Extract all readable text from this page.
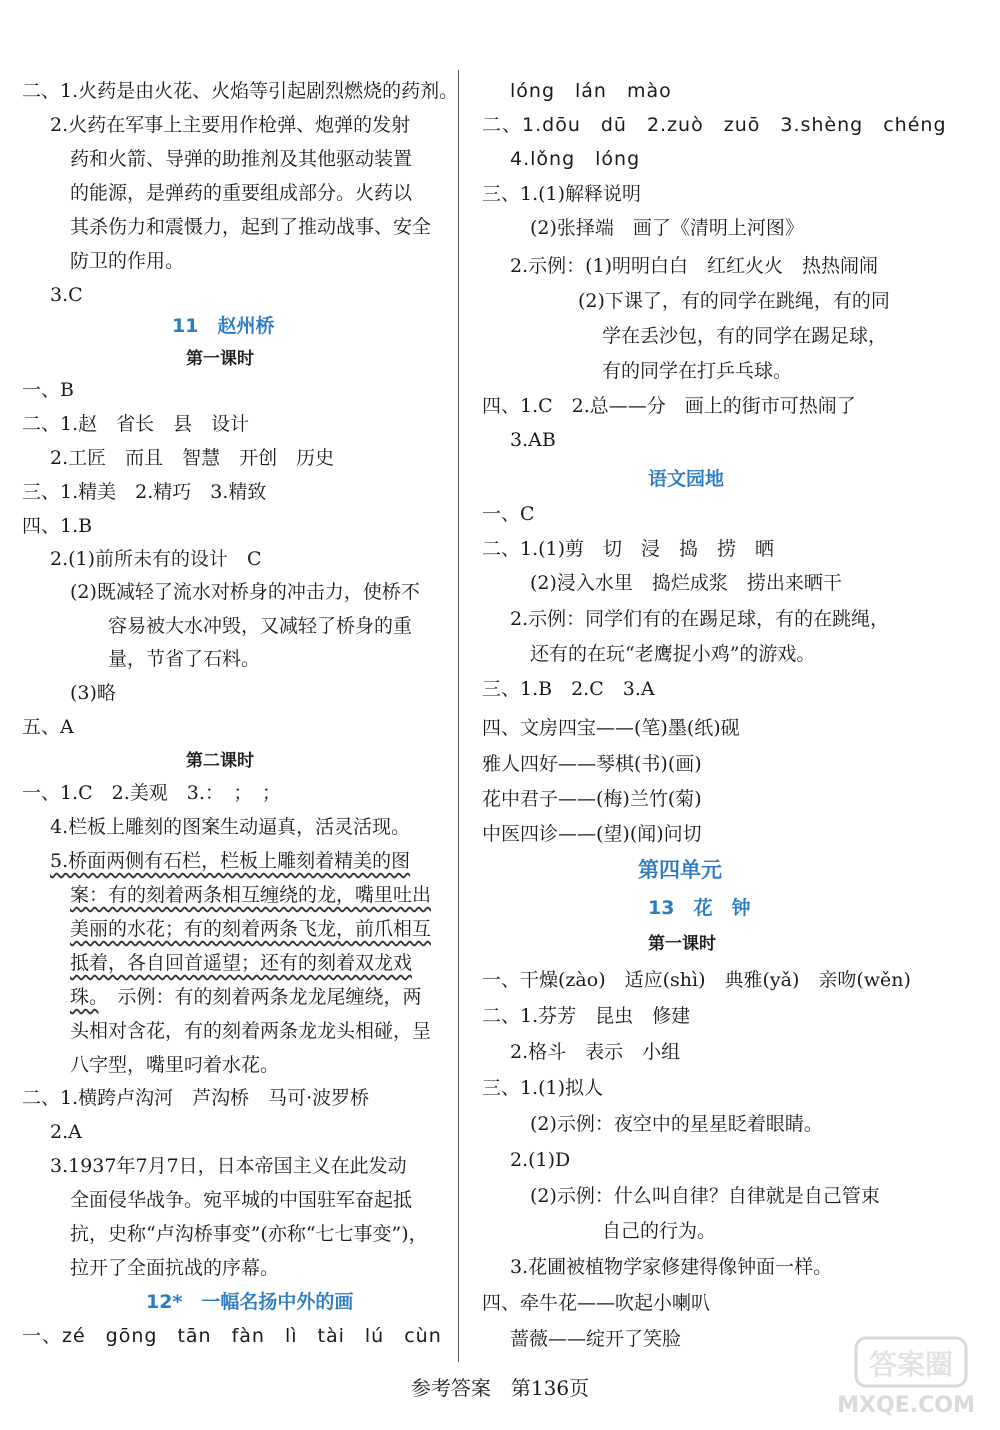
二、1.火药是由火花、火焰等引起剧烈燃烧的药剂。
2.火药在军事上主要用作枪弹、炮弹的发射
药和火箭、导弹的助推剂及其他驱动装置
的能源，是弹药的重要组成部分。火药以
其杀伤力和震慑力，起到了推动战事、安全
防卫的作用。
3.C
11　赵州桥
第一课时
一、B
二、1.赵　省长　县　设计
2.工匠　而且　智慧　开创　历史
三、1.精美　2.精巧　3.精致
四、1.B
2.(1)前所未有的设计　C
(2)既减轻了流水对桥身的冲击力，使桥不
容易被大水冲毁，又减轻了桥身的重
量，节省了石料。
(3)略
五、A
第二课时
一、1.C　2.美观　3.：　；　；
4.栏板上雕刻的图案生动逼真，活灵活现。
5.桥面两侧有石栏，栏板上雕刻着精美的图
案：有的刻着两条相互缠绕的龙，嘴里吐出
美丽的水花；有的刻着两条飞龙，前爪相互
抵着，各自回首遥望；还有的刻着双龙戏
珠。　示例：有的刻着两条龙龙尾缠绕，两
头相对含花，有的刻着两条龙龙头相碰，呈
八字型，嘴里叼着水花。
二、1.横跨卢沟河　芦沟桥　马可·波罗桥
2.A
3.1937年7月7日，日本帝国主义在此发动
全面侵华战争。宛平城的中国驻军奋起抵
抗，史称“卢沟桥事变”(亦称“七七事变”)，
拉开了全面抗战的序幕。
12*　一幅名扬中外的画
一、zé　gōng　tān　fàn　lì　tài　lú　cùn
lóng　lán　mào
二、1.dōu　dū　2.zuò　zuō　3.shèng　chéng
4.lǒng　lóng
三、1.(1)解释说明
(2)张择端　画了《清明上河图》
2.示例：(1)明明白白　红红火火　热热闹闹
(2)下课了，有的同学在跳绳，有的同
学在丢沙包，有的同学在踢足球，
有的同学在打乒乓球。
四、1.C　2.总——分　画上的街市可热闹了
3.AB
语文园地
一、C
二、1.(1)剪　切　浸　捣　捞　晒
(2)浸入水里　捣烂成浆　捞出来晒干
2.示例：同学们有的在踢足球，有的在跳绳，
还有的在玩“老鹰捉小鸡”的游戏。
三、1.B　2.C　3.A
四、文房四宝——(笔)墨(纸)砚
雅人四好——琴棋(书)(画)
花中君子——(梅)兰竹(菊)
中医四诊——(望)(闻)问切
第四单元
13　花　钟
第一课时
一、干燥(zào)　适应(shì)　典雅(yǎ)　亲吻(wěn)
二、1.芬芳　昆虫　修建
2.格斗　表示　小组
三、1.(1)拟人
(2)示例：夜空中的星星眨着眼睛。
2.(1)D
(2)示例：什么叫自律？自律就是自己管束
自己的行为。
3.花圃被植物学家修建得像钟面一样。
四、牵牛花——吹起小喇叭
蔷薇——绽开了笑脸
参考答案　第136页
答案圈
MXQE.COM
